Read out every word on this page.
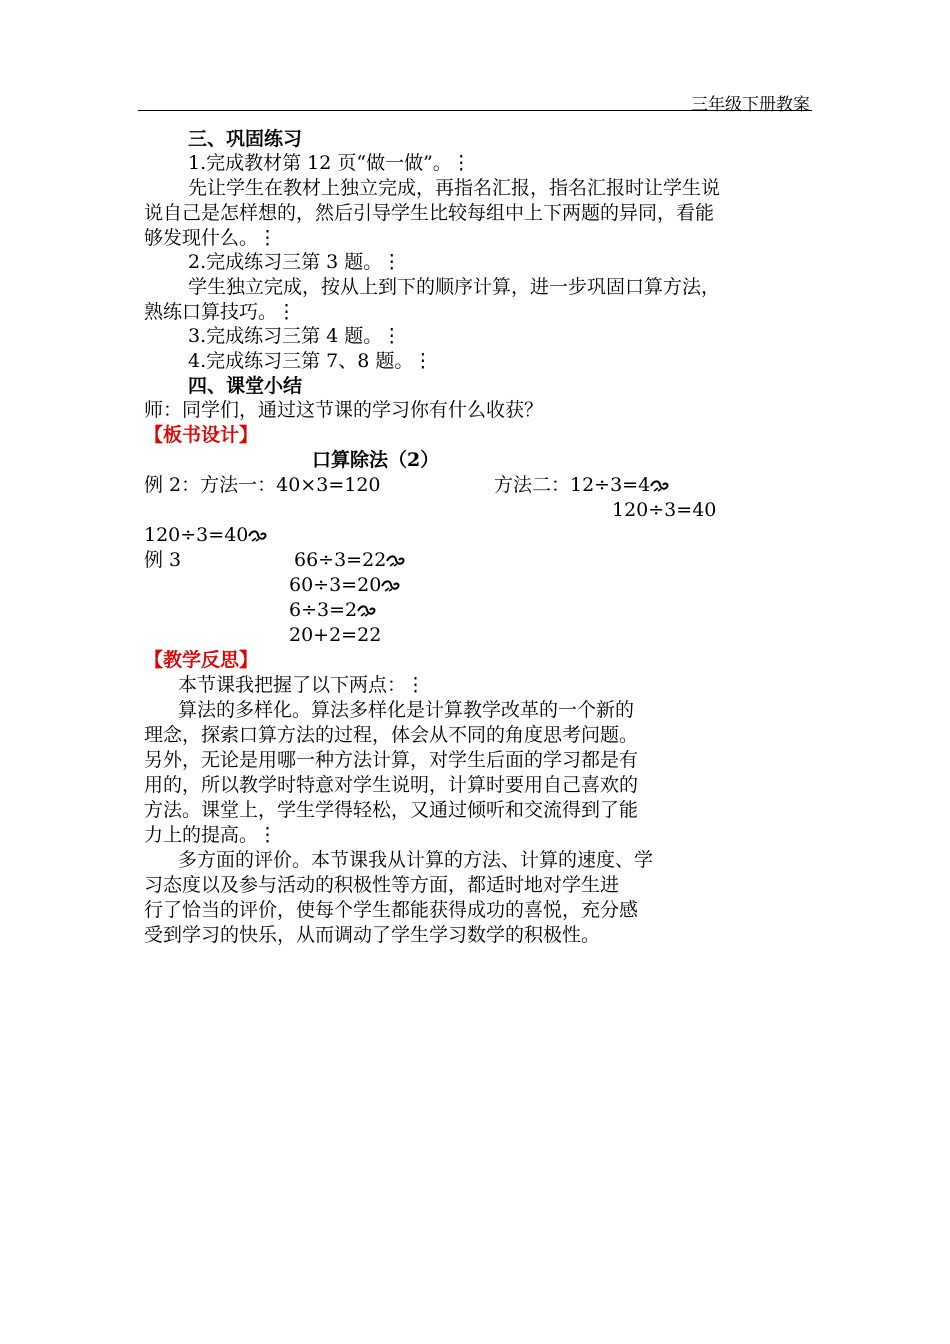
三年级下册教案
三、巩固练习
1.完成教材第 12 页“做一做”。⋮
先让学生在教材上独立完成，再指名汇报，指名汇报时让学生说
说自己是怎样想的，然后引导学生比较每组中上下两题的异同，看能
够发现什么。⋮
2.完成练习三第 3 题。⋮
学生独立完成，按从上到下的顺序计算，进一步巩固口算方法，
熟练口算技巧。⋮
3.完成练习三第 4 题。⋮
4.完成练习三第 7、8 题。⋮
四、课堂小结
师：同学们，通过这节课的学习你有什么收获？
【板书设计】
口算除法（2）
例 2：方法一：40×3=120	方法二：12÷3=4
120÷3=40
120÷3=40
例 3	66÷3=22
60÷3=20
6÷3=2
20+2=22
【教学反思】
本节课我把握了以下两点：⋮
算法的多样化。算法多样化是计算教学改革的一个新的
理念，探索口算方法的过程，体会从不同的角度思考问题。
另外，无论是用哪一种方法计算，对学生后面的学习都是有
用的，所以教学时特意对学生说明，计算时要用自己喜欢的
方法。课堂上，学生学得轻松，又通过倾听和交流得到了能
力上的提高。⋮
多方面的评价。本节课我从计算的方法、计算的速度、学
习态度以及参与活动的积极性等方面，都适时地对学生进
行了恰当的评价，使每个学生都能获得成功的喜悦，充分感
受到学习的快乐，从而调动了学生学习数学的积极性。
